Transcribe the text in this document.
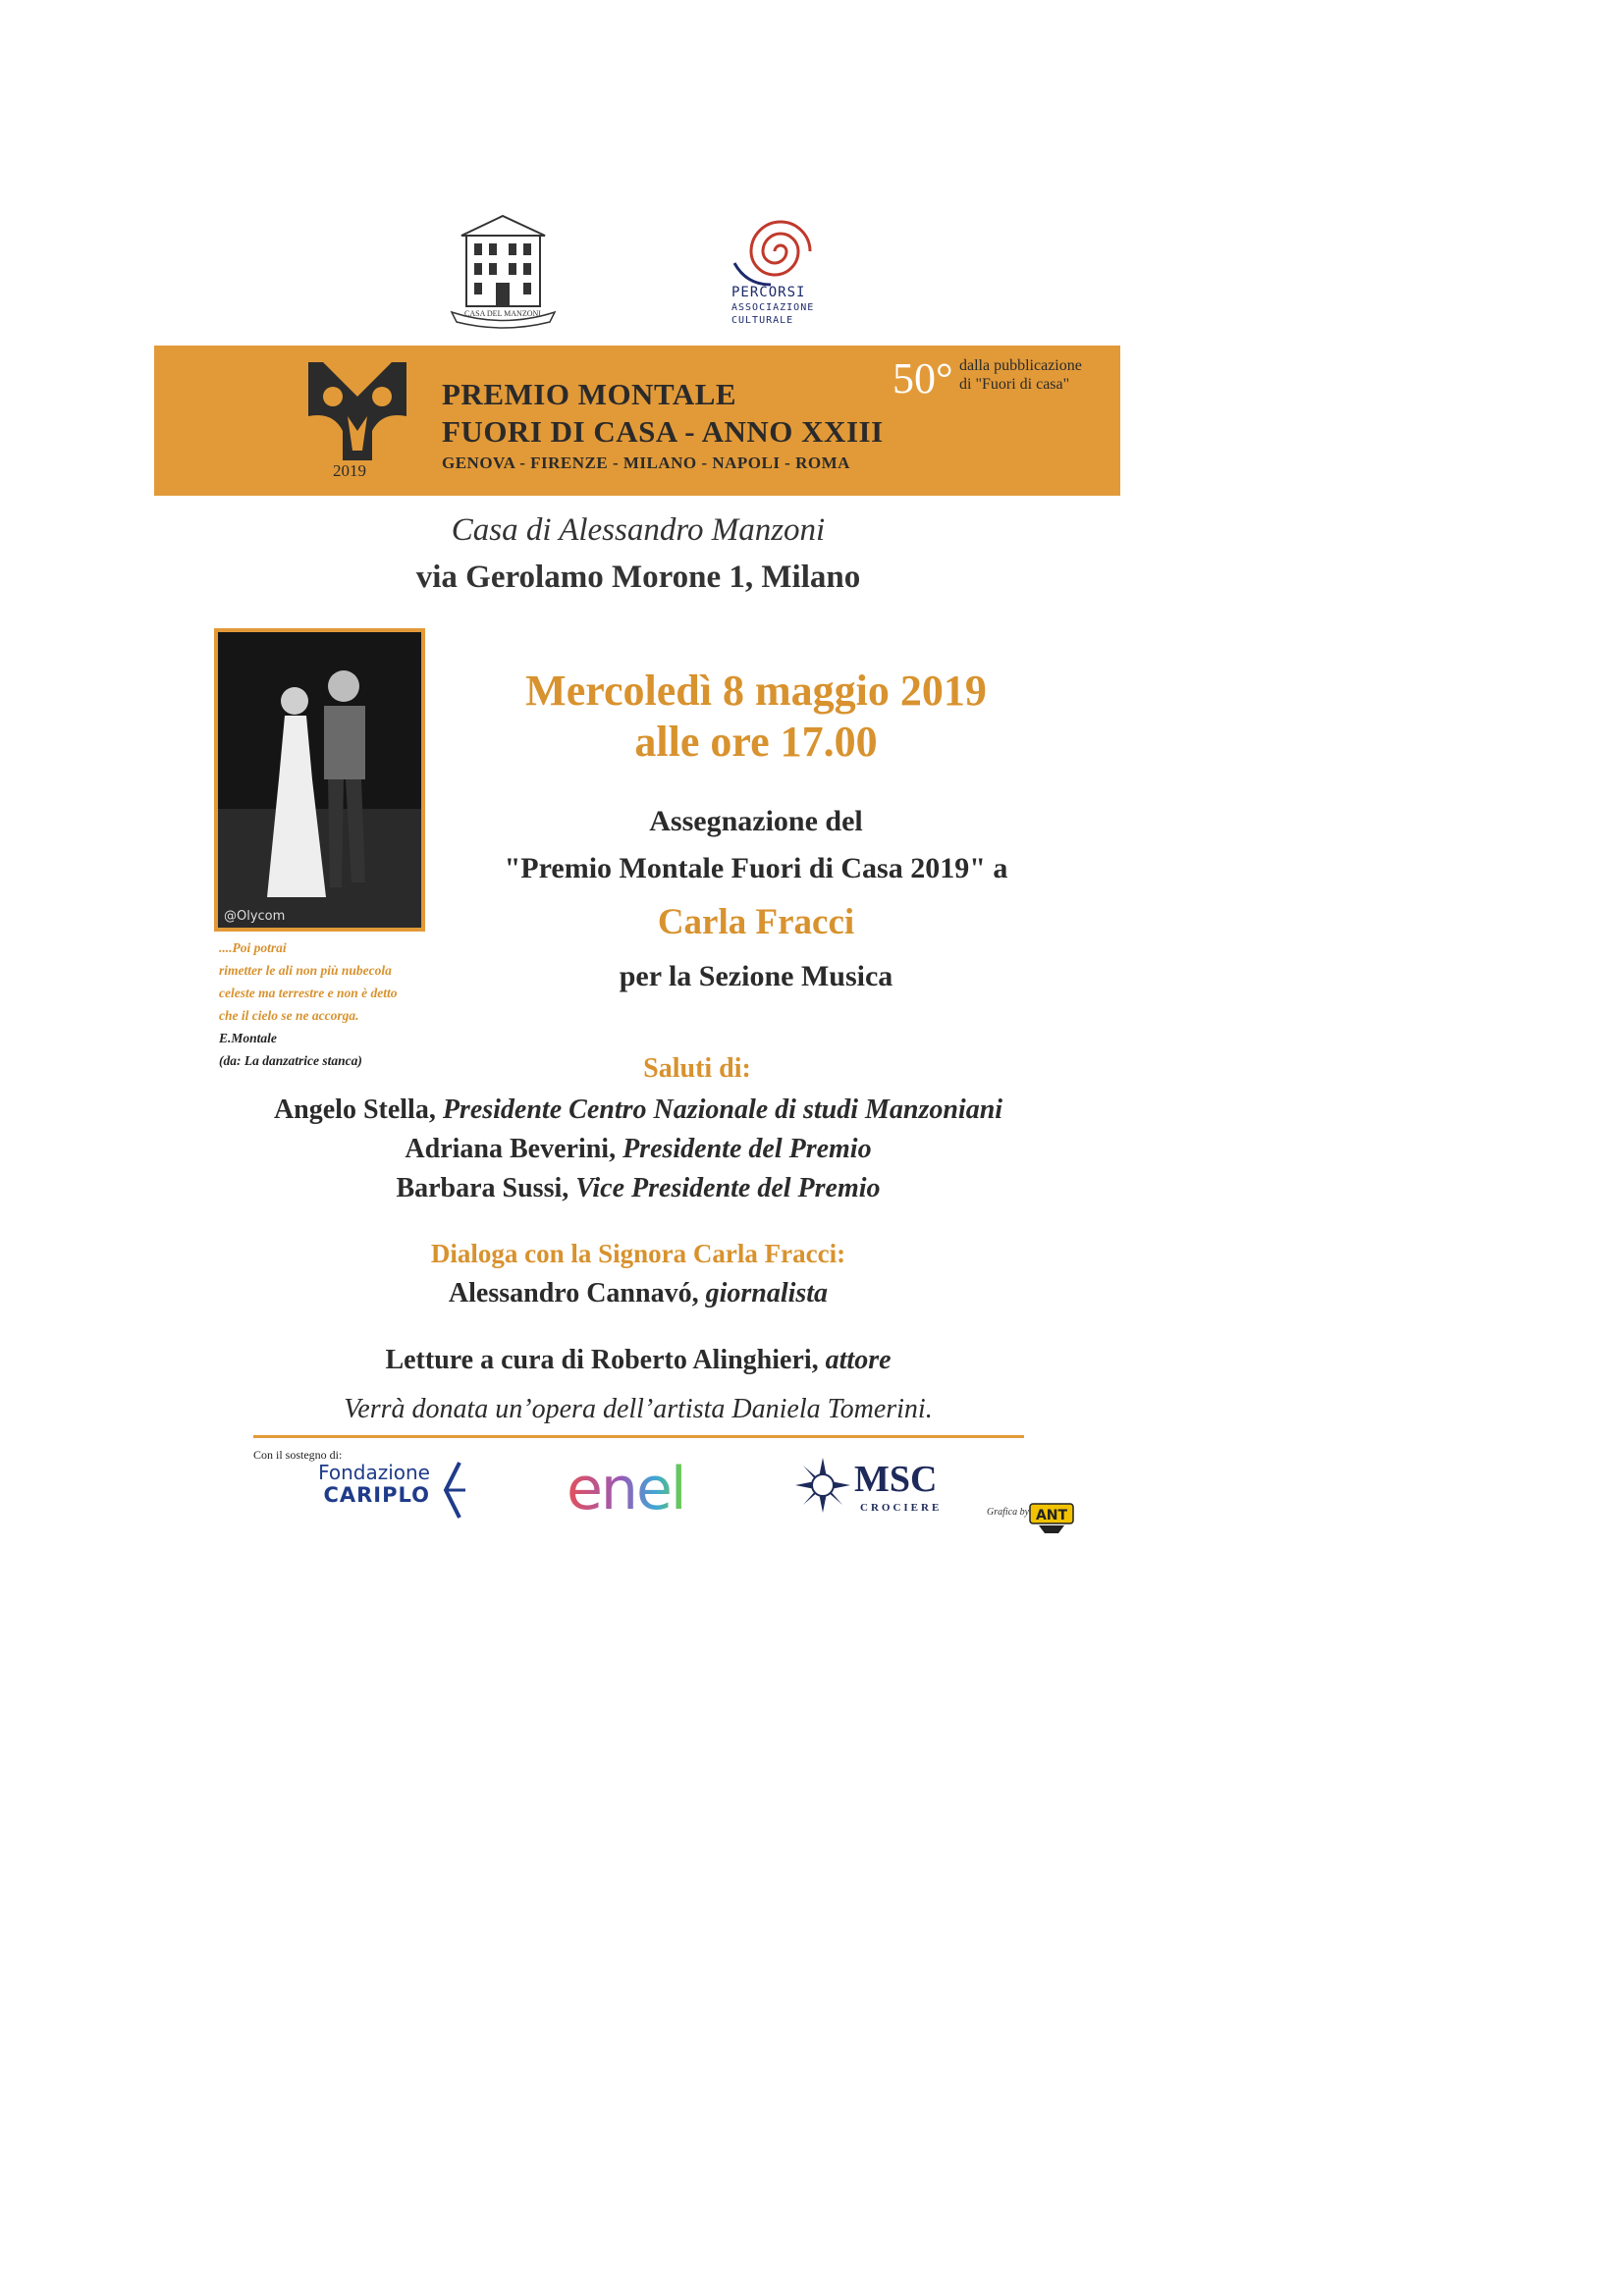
CASA DEL MANZONI
PERCORSI
ASSOCIAZIONE
CULTURALE
2019
PREMIO MONTALE
FUORI DI CASA - ANNO XXIII
GENOVA - FIRENZE - MILANO - NAPOLI - ROMA
50° dalla pubblicazione
di "Fuori di casa"
Casa di Alessandro Manzoni
via Gerolamo Morone 1, Milano
@Olycom
....Poi potrai
rimetter le ali non più nubecola
celeste ma terrestre e non è detto
che il cielo se ne accorga.
E.Montale
(da: La danzatrice stanca)
Mercoledì 8 maggio 2019
alle ore 17.00
Assegnazione del
"Premio Montale Fuori di Casa 2019" a
Carla Fracci
per la Sezione Musica
Saluti di:
Angelo Stella, Presidente Centro Nazionale di studi Manzoniani
Adriana Beverini, Presidente del Premio
Barbara Sussi, Vice Presidente del Premio
Dialoga con la Signora Carla Fracci:
Alessandro Cannavó, giornalista
Letture a cura di Roberto Alinghieri, attore
Verrà donata un’opera dell’artista Daniela Tomerini.
Con il sostegno di:
Fondazione
CARIPLO enel	MSC
CROCIERE	Grafica by ANT
